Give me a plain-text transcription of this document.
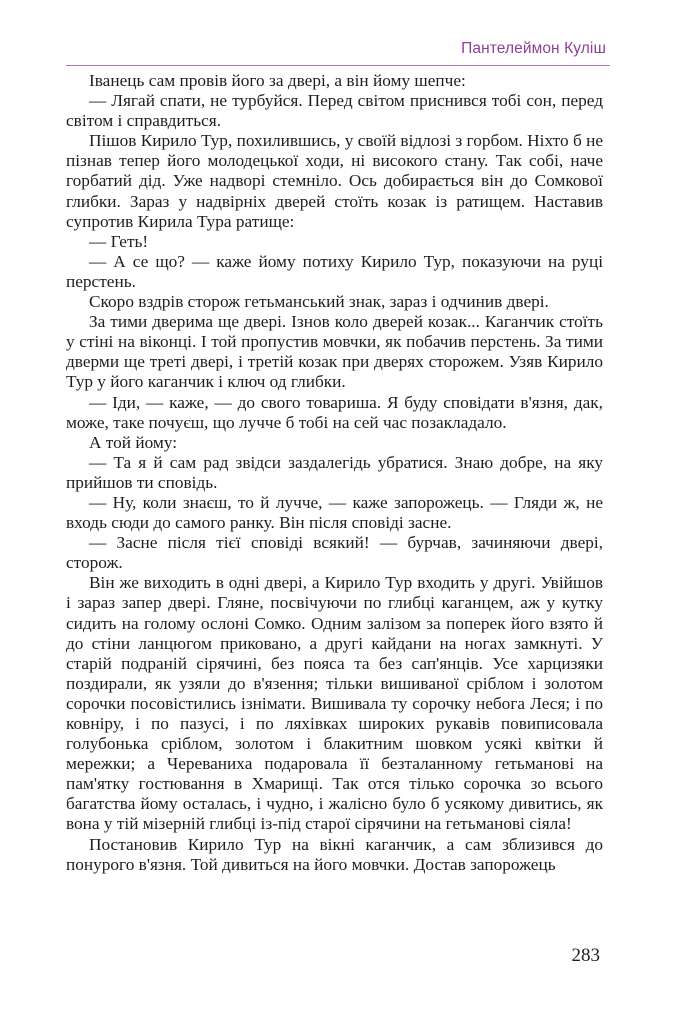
Пантелеймон Куліш

Іванець сам провів його за двері, а він йому шепче:

— Лягай спати, не турбуйся. Перед світом приснився тобі сон, перед світом і справдиться.

Пішов Кирило Тур, похилившись, у своїй відлозі з горбом. Ніхто б не пізнав тепер його молодецької ходи, ні високого стану. Так собі, наче горбатий дід. Уже надворі стемніло. Ось добирається він до Сомкової глибки. Зараз у надвірніх дверей стоїть козак із ратищем. Наставив супротив Кирила Тура ратище:

— Геть!

— А се що? — каже йому потиху Кирило Тур, показуючи на руці перстень.

Скоро вздрів сторож гетьманський знак, зараз і одчинив двері.

За тими дверима ще двері. Ізнов коло дверей козак... Каганчик стоїть у стіні на віконці. І той пропустив мовчки, як побачив перстень. За тими дверми ще треті двері, і третій козак при дверях сторожем. Узяв Кирило Тур у його каганчик і ключ од глибки.

— Іди, — каже, — до свого товариша. Я буду сповідати в'язня, дак, може, таке почуєш, що лучче б тобі на сей час позакладало.

А той йому:

— Та я й сам рад звідси заздалегідь убратися. Знаю добре, на яку прийшов ти сповідь.

— Ну, коли знаєш, то й лучче, — каже запорожець. — Гляди ж, не входь сюди до самого ранку. Він після сповіді засне.

— Засне після тієї сповіді всякий! — бурчав, зачиняючи двері, сторож.

Він же виходить в одні двері, а Кирило Тур входить у другі. Увійшов і зараз запер двері. Гляне, посвічуючи по глибці каганцем, аж у кутку сидить на голому ослоні Сомко. Одним залізом за поперек його взято й до стіни ланцюгом приковано, а другі кайдани на ногах замкнуті. У старій подраній сірячині, без пояса та без сап'янців. Усе харцизяки поздирали, як узяли до в'язення; тільки вишиваної сріблом і золотом сорочки посовістились ізнімати. Вишивала ту сорочку небога Леся; і по ковніру, і по пазусі, і по ляхівках широких рукавів повиписовала голубонька сріблом, золотом і блакитним шовком усякі квітки й мережки; а Череваниха подаровала її безталанному гетьманові на пам'ятку гостювання в Хмарищі. Так отся тілько сорочка зо всього багатства йому осталась, і чудно, і жалісно було б усякому дивитись, як вона у тій мізерній глибці із-під старої сірячини на гетьманові сіяла!

Постановив Кирило Тур на вікні каганчик, а сам зблизився до понурого в'язня. Той дивиться на його мовчки. Достав запорожець

283
